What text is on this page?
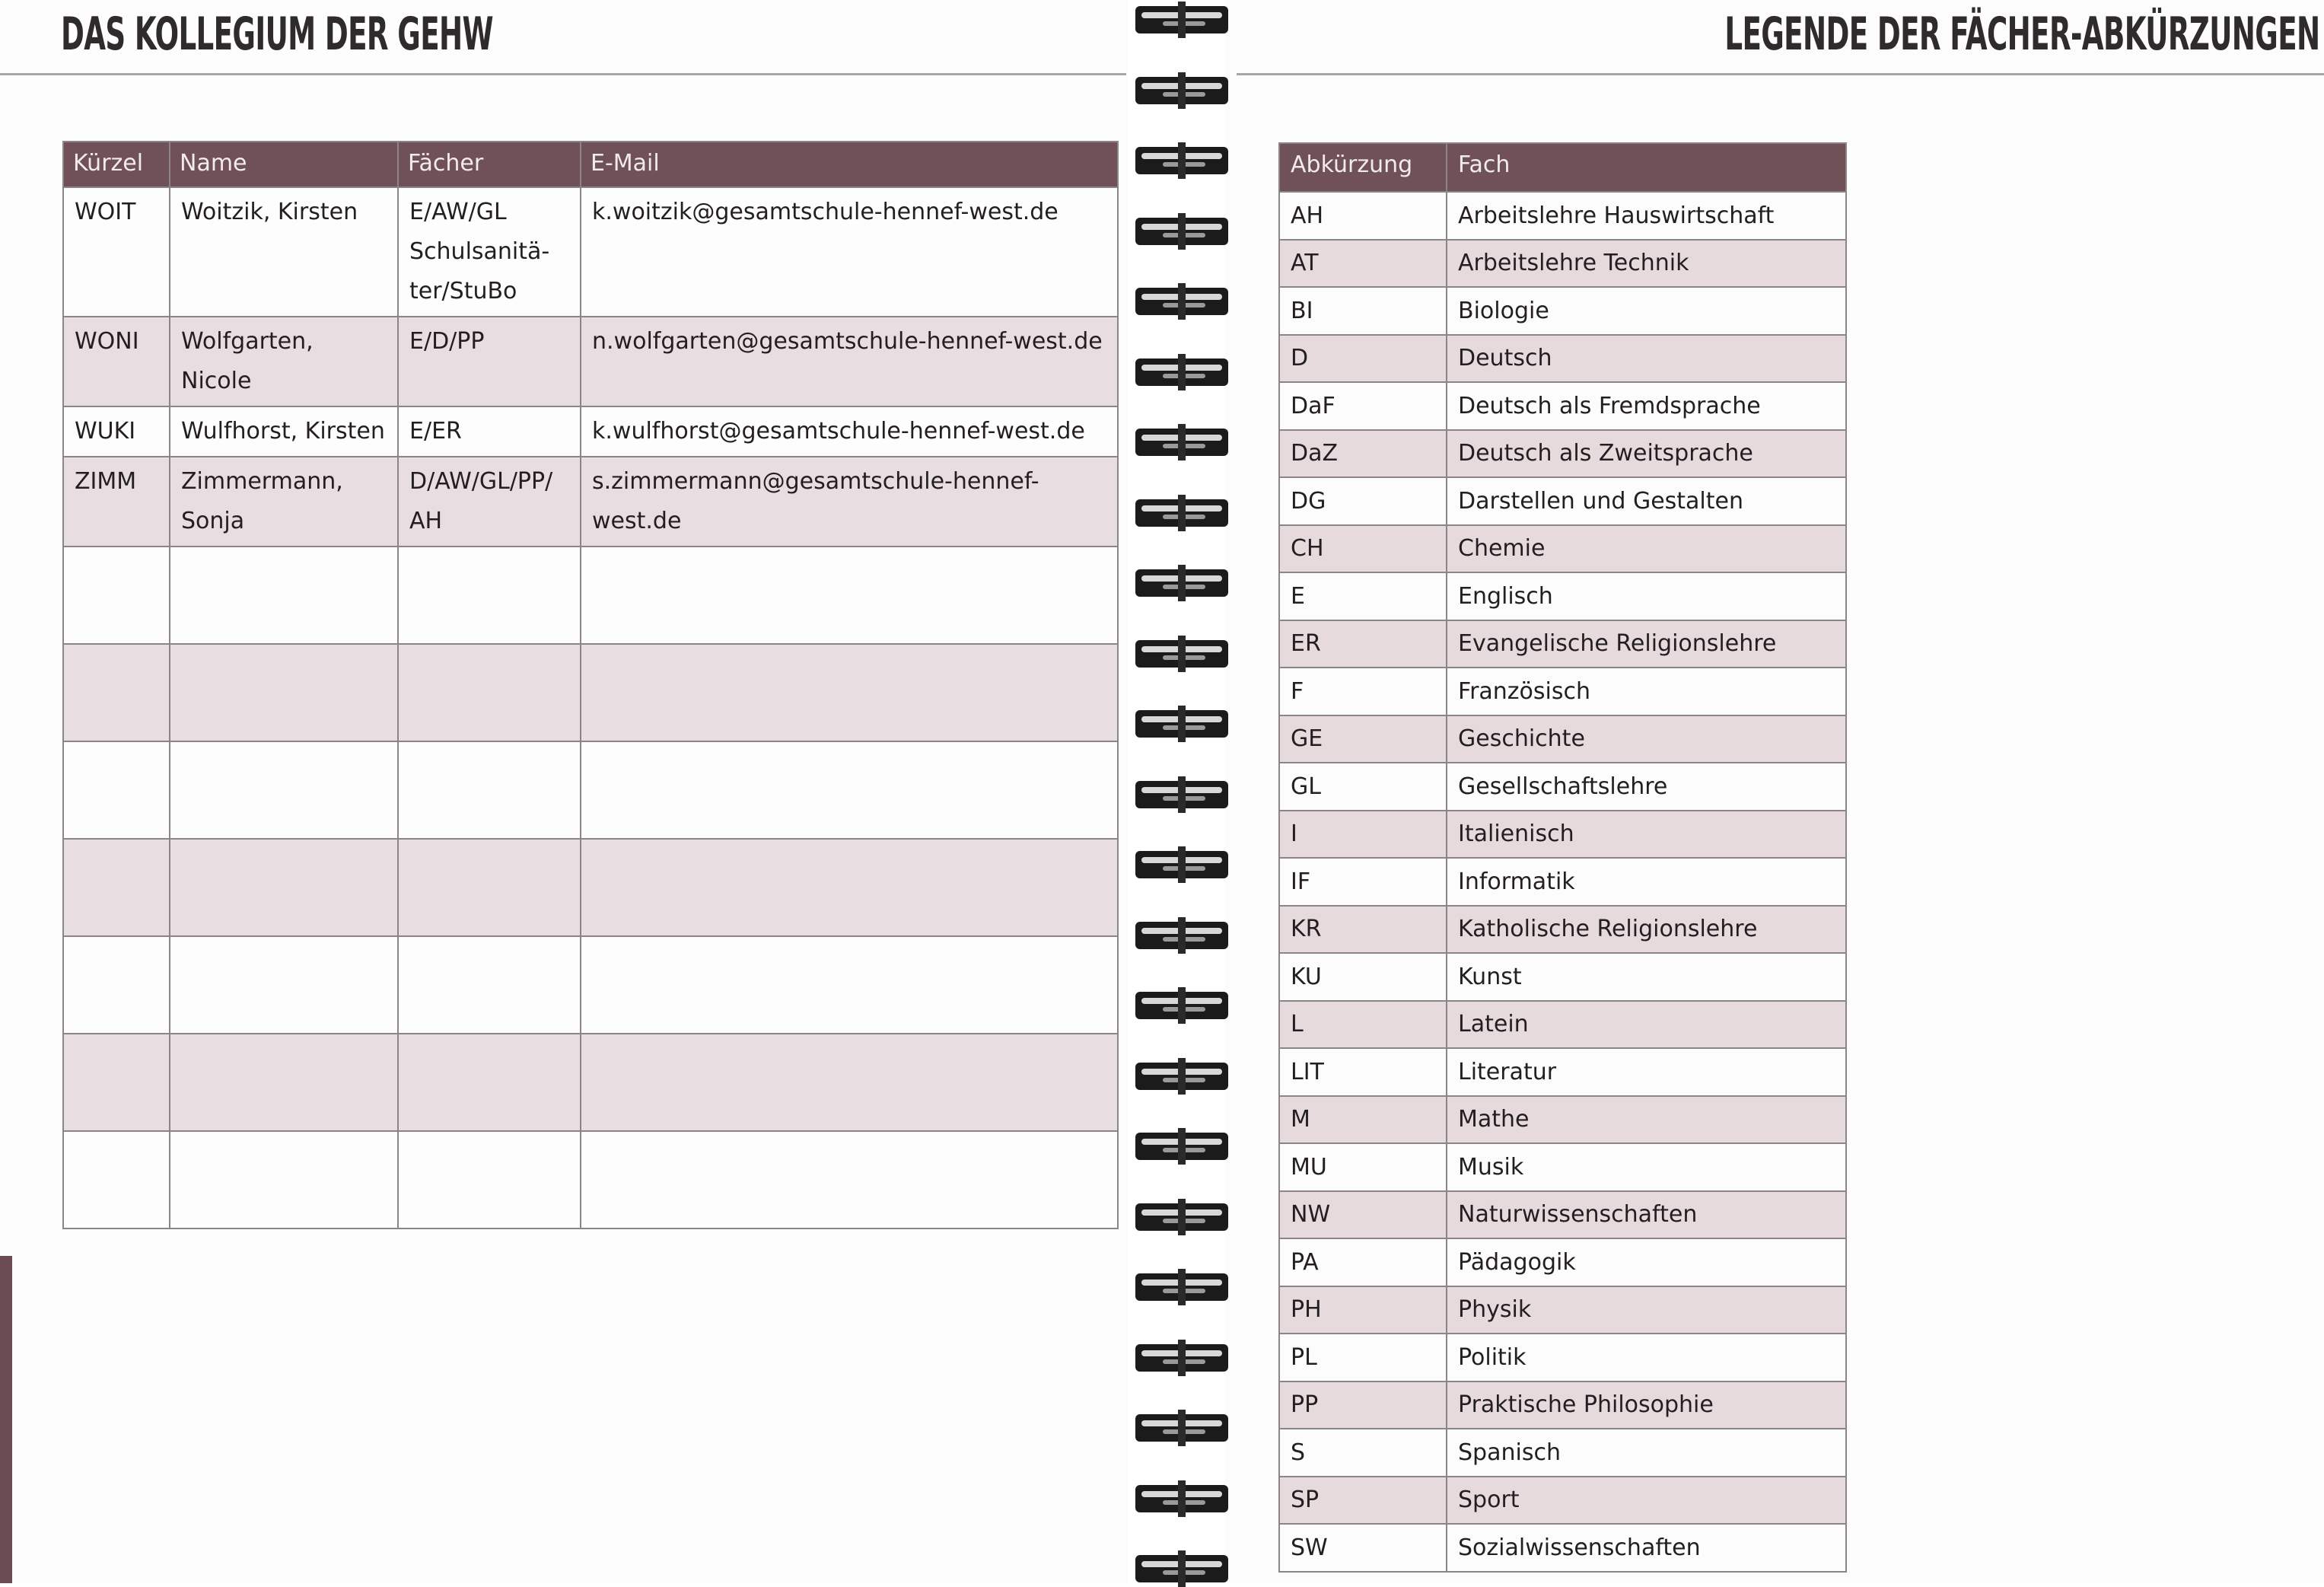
DAS KOLLEGIUM DER GEHW
Kürzel	Name	Fächer	E-Mail
WOIT	Woitzik, Kirsten	E/AW/GL Schulsanitä-ter/StuBo	k.woitzik@gesamtschule-hennef-west.de
WONI	Wolfgarten, Nicole	E/D/PP	n.wolfgarten@gesamtschule-hennef-west.de
WUKI	Wulfhorst, Kirsten	E/ER	k.wulfhorst@gesamtschule-hennef-west.de
ZIMM	Zimmermann, Sonja	D/AW/GL/PP/ AH	s.zimmermann@gesamtschule-hennef-west.de

LEGENDE DER FÄCHER-ABKÜRZUNGEN
Abkürzung	Fach
AH	Arbeitslehre Hauswirtschaft
AT	Arbeitslehre Technik
BI	Biologie
D	Deutsch
DaF	Deutsch als Fremdsprache
DaZ	Deutsch als Zweitsprache
DG	Darstellen und Gestalten
CH	Chemie
E	Englisch
ER	Evangelische Religionslehre
F	Französisch
GE	Geschichte
GL	Gesellschaftslehre
I	Italienisch
IF	Informatik
KR	Katholische Religionslehre
KU	Kunst
L	Latein
LIT	Literatur
M	Mathe
MU	Musik
NW	Naturwissenschaften
PA	Pädagogik
PH	Physik
PL	Politik
PP	Praktische Philosophie
S	Spanisch
SP	Sport
SW	Sozialwissenschaften
